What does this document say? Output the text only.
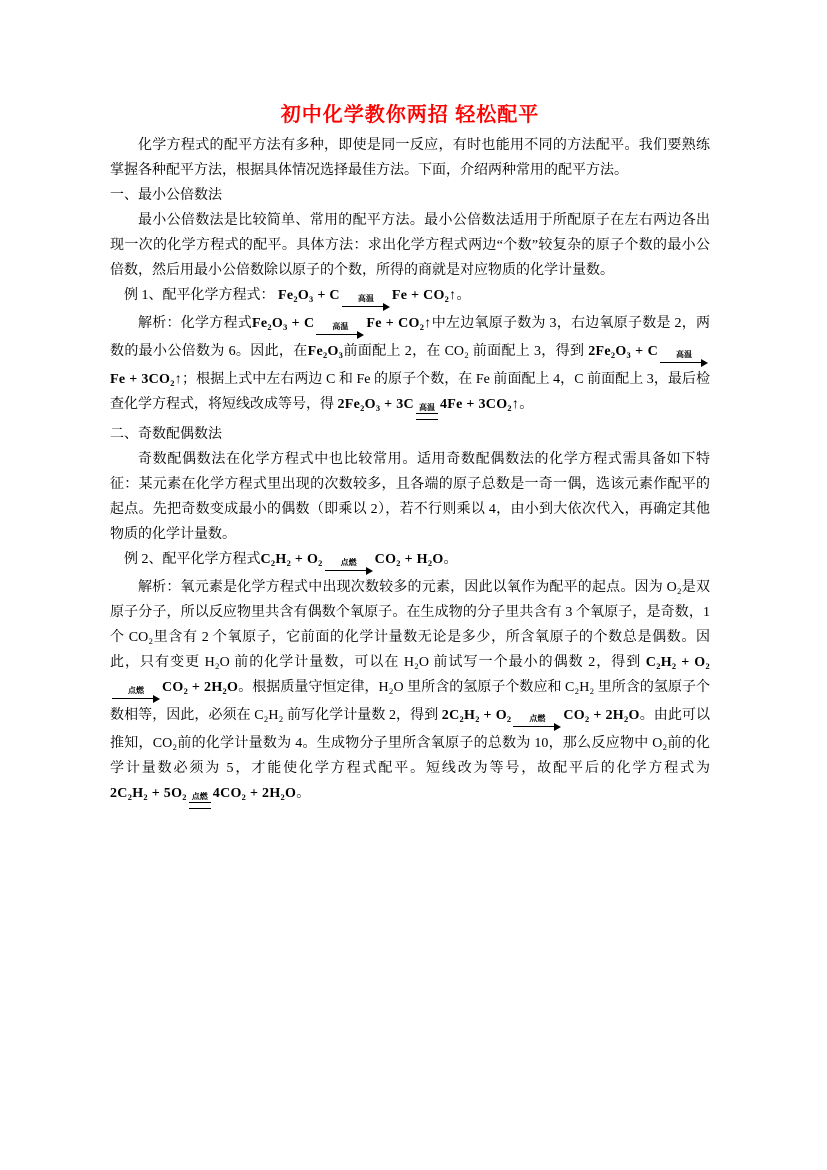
初中化学教你两招 轻松配平

化学方程式的配平方法有多种，即使是同一反应，有时也能用不同的方法配平。我们要熟练掌握各种配平方法，根据具体情况选择最佳方法。下面，介绍两种常用的配平方法。

一、最小公倍数法

最小公倍数法是比较简单、常用的配平方法。最小公倍数法适用于所配原子在左右两边各出现一次的化学方程式的配平。具体方法：求出化学方程式两边“个数”较复杂的原子个数的最小公倍数，然后用最小公倍数除以原子的个数，所得的商就是对应物质的化学计量数。

例 1、配平化学方程式： Fe₂O₃ + C	高温	Fe + CO₂↑。

解析：化学方程式Fe₂O₃ + C	高温	Fe + CO₂↑中左边氧原子数为 3，右边氧原子数是 2，两数的最小公倍数为 6。因此，在Fe₂O₃前面配上 2，在 CO₂ 前面配上 3，得到 2Fe₂O₃ + C	高温
Fe + 3CO₂↑；根据上式中左右两边 C 和 Fe 的原子个数，在 Fe 前面配上 4，C 前面配上 3，最后检查化学方程式，将短线改成等号，得 2Fe₂O₃ + 3C 高温 4Fe + 3CO₂↑。

二、奇数配偶数法

奇数配偶数法在化学方程式中也比较常用。适用奇数配偶数法的化学方程式需具备如下特征：某元素在化学方程式里出现的次数较多，且各端的原子总数是一奇一偶，选该元素作配平的起点。先把奇数变成最小的偶数（即乘以 2），若不行则乘以 4，由小到大依次代入，再确定其他物质的化学计量数。

例 2、配平化学方程式C₂H₂ + O₂	点燃	CO₂ + H₂O。

解析：氧元素是化学方程式中出现次数较多的元素，因此以氧作为配平的起点。因为 O₂是双原子分子，所以反应物里共含有偶数个氧原子。在生成物的分子里共含有 3 个氧原子，是奇数，1 个 CO₂里含有 2 个氧原子，它前面的化学计量数无论是多少，所含氧原子的个数总是偶数。因此，只有变更 H₂O 前的化学计量数，可以在 H₂O 前试写一个最小的偶数 2，得到 C₂H₂ + O₂
点燃	CO₂ + 2H₂O。根据质量守恒定律，H₂O 里所含的氢原子个数应和 C₂H₂ 里所含的氢原子个数相等，因此，必须在 C₂H₂ 前写化学计量数 2，得到 2C₂H₂ + O₂	点燃	CO₂ + 2H₂O。由此可以推知，CO₂前的化学计量数为 4。生成物分子里所含氧原子的总数为 10，那么反应物中 O₂前的化学计量数必须为 5，才能使化学方程式配平。短线改为等号，故配平后的化学方程式为 2C₂H₂ + 5O₂ 点燃 4CO₂ + 2H₂O。
